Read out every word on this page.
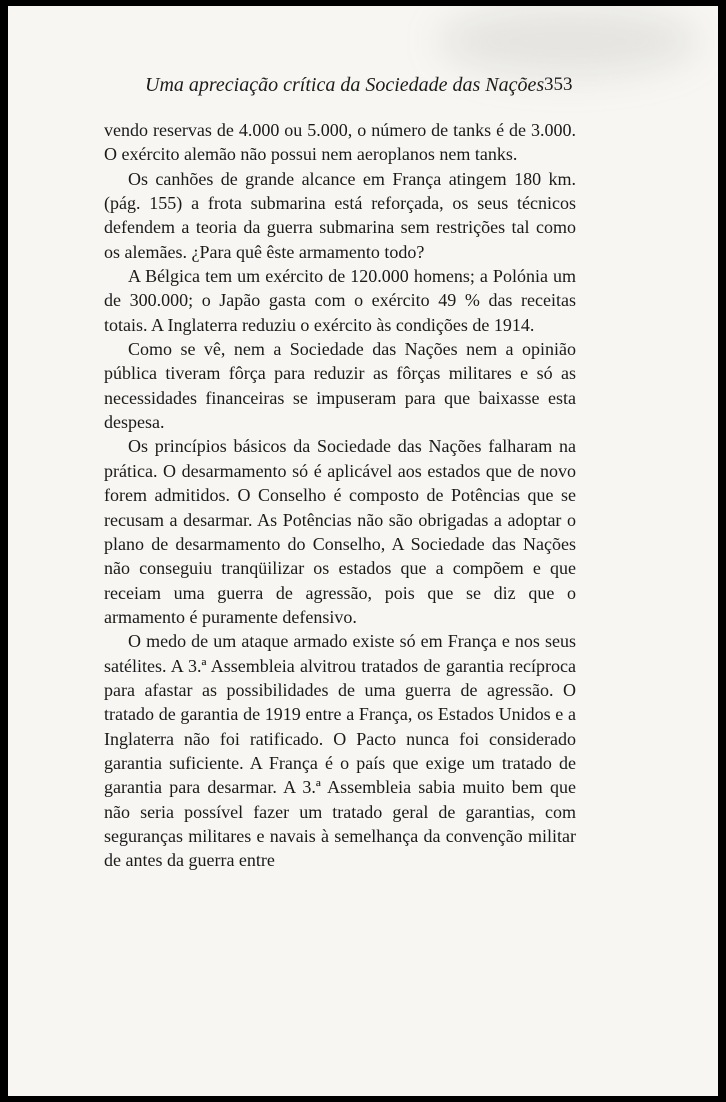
Uma apreciação crítica da Sociedade das Nações 353

vendo reservas de 4.000 ou 5.000, o número de tanks é de 3.000. O exército alemão não possui nem aeroplanos nem tanks.

Os canhões de grande alcance em França atingem 180 km. (pág. 155) a frota submarina está reforçada, os seus técnicos defendem a teoria da guerra submarina sem restrições tal como os alemães. ¿Para quê êste armamento todo?

A Bélgica tem um exército de 120.000 homens; a Polónia um de 300.000; o Japão gasta com o exército 49 % das receitas totais. A Inglaterra reduziu o exército às condições de 1914.

Como se vê, nem a Sociedade das Nações nem a opinião pública tiveram fôrça para reduzir as fôrças militares e só as necessidades financeiras se impuseram para que baixasse esta despesa.

Os princípios básicos da Sociedade das Nações falharam na prática. O desarmamento só é aplicável aos estados que de novo forem admitidos. O Conselho é composto de Potências que se recusam a desarmar. As Potências não são obrigadas a adoptar o plano de desarmamento do Conselho, A Sociedade das Nações não conseguiu tranqüilizar os estados que a compõem e que receiam uma guerra de agressão, pois que se diz que o armamento é puramente defensivo.

O medo de um ataque armado existe só em França e nos seus satélites. A 3.ª Assembleia alvitrou tratados de garantia recíproca para afastar as possibilidades de uma guerra de agressão. O tratado de garantia de 1919 entre a França, os Estados Unidos e a Inglaterra não foi ratificado. O Pacto nunca foi considerado garantia suficiente. A França é o país que exige um tratado de garantia para desarmar. A 3.ª Assembleia sabia muito bem que não seria possível fazer um tratado geral de garantias, com seguranças militares e navais à semelhança da convenção militar de antes da guerra entre
